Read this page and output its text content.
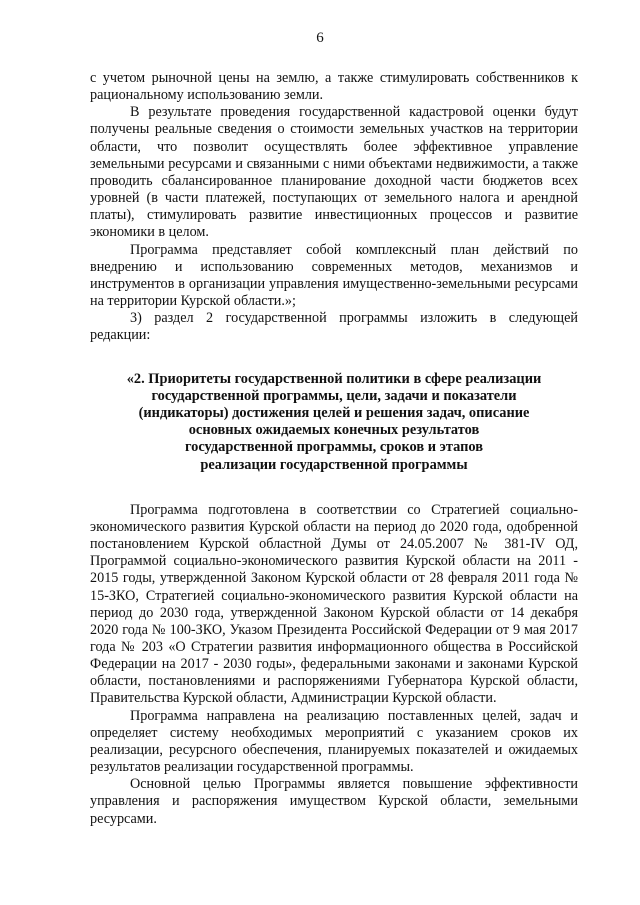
6

с учетом рыночной цены на землю, а также стимулировать собственников к рациональному использованию земли.

В результате проведения государственной кадастровой оценки будут получены реальные сведения о стоимости земельных участков на территории области, что позволит осуществлять более эффективное управление земельными ресурсами и связанными с ними объектами недвижимости, а также проводить сбалансированное планирование доходной части бюджетов всех уровней (в части платежей, поступающих от земельного налога и арендной платы), стимулировать развитие инвестиционных процессов и развитие экономики в целом.

Программа представляет собой комплексный план действий по внедрению и использованию современных методов, механизмов и инструментов в организации управления имущественно-земельными ресурсами на территории Курской области.»;

3) раздел 2 государственной программы изложить в следующей редакции:

«2. Приоритеты государственной политики в сфере реализации
государственной программы, цели, задачи и показатели
(индикаторы) достижения целей и решения задач, описание
основных ожидаемых конечных результатов
государственной программы, сроков и этапов
реализации государственной программы

Программа подготовлена в соответствии со Стратегией социально-экономического развития Курской области на период до 2020 года, одобренной постановлением Курской областной Думы от 24.05.2007 № 381-IV ОД, Программой социально-экономического развития Курской области на 2011 - 2015 годы, утвержденной Законом Курской области от 28 февраля 2011 года № 15-ЗКО, Стратегией социально-экономического развития Курской области на период до 2030 года, утвержденной Законом Курской области от 14 декабря 2020 года № 100-ЗКО, Указом Президента Российской Федерации от 9 мая 2017 года № 203 «О Стратегии развития информационного общества в Российской Федерации на 2017 - 2030 годы», федеральными законами и законами Курской области, постановлениями и распоряжениями Губернатора Курской области, Правительства Курской области, Администрации Курской области.

Программа направлена на реализацию поставленных целей, задач и определяет систему необходимых мероприятий с указанием сроков их реализации, ресурсного обеспечения, планируемых показателей и ожидаемых результатов реализации государственной программы.

Основной целью Программы является повышение эффективности управления и распоряжения имуществом Курской области, земельными ресурсами.
